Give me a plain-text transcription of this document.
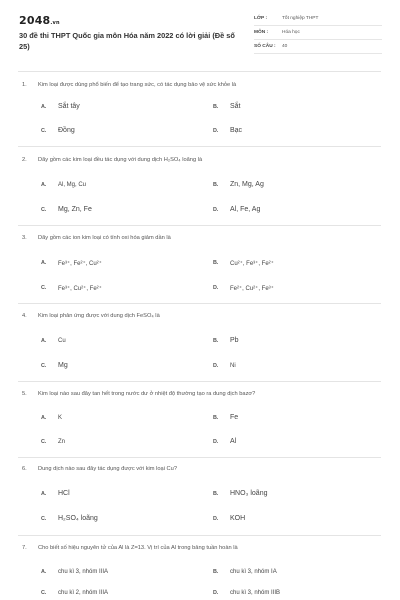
2048.vn
30 đề thi THPT Quốc gia môn Hóa năm 2022 có lời giải (Đề số 25)
LỚP :	Tốt nghiệp THPT
MÔN :	Hóa học
SỐ CÂU : 40
1. Kim loại được dùng phổ biến để tạo trang sức, có tác dụng bảo vệ sức khỏe là
A. Sắt tây	B. Sắt
C. Đồng	D. Bạc
2. Dãy gồm các kim loại đều tác dụng với dung dịch H₂SO₄ loãng là
A. Al, Mg, Cu	B. Zn, Mg, Ag
C. Mg, Zn, Fe	D. Al, Fe, Ag
3. Dãy gồm các ion kim loại có tính oxi hóa giảm dần là
A. Fe³⁺, Fe²⁺, Cu²⁺	B. Cu²⁺, Fe³⁺, Fe²⁺
C. Fe³⁺, Cu²⁺, Fe²⁺	D. Fe²⁺, Cu²⁺, Fe³⁺
4. Kim loại phản ứng được với dung dịch FeSO₄ là
A. Cu	B. Pb
C. Mg	D. Ni
5. Kim loại nào sau đây tan hết trong nước dư ở nhiệt độ thường tạo ra dung dịch bazơ?
A. K	B. Fe
C. Zn	D. Al
6. Dung dịch nào sau đây tác dụng được với kim loại Cu?
A. HCl	B. HNO₃ loãng
C. H₂SO₄ loãng	D. KOH
7. Cho biết số hiệu nguyên tử của Al là Z=13. Vị trí của Al trong bảng tuần hoàn là
A. chu kì 3, nhóm IIIA	B. chu kì 3, nhóm IA
C. chu kì 2, nhóm IIIA	D. chu kì 3, nhóm IIIB
